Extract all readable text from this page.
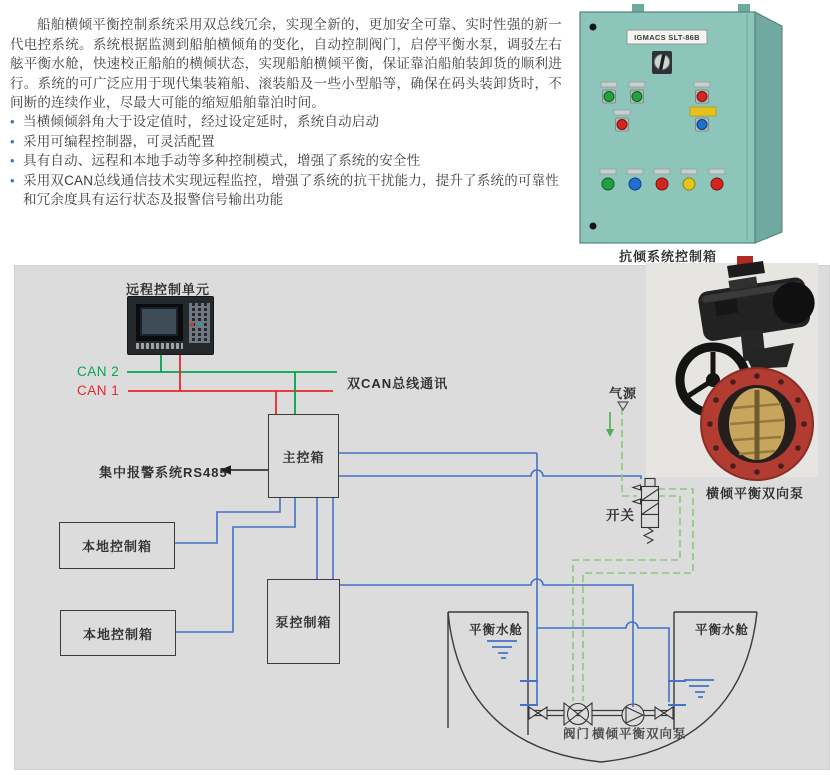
船舶横倾平衡控制系统采用双总线冗余，实现全新的，更加安全可靠、实时性强的新一代电控系统。系统根据监测到船舶横倾角的变化，自动控制阀门，启停平衡水泵，调驳左右舷平衡水舱，快速校正船舶的横倾状态，实现船舶横倾平衡，保证靠泊船舶装卸货的顺利进行。系统的可广泛应用于现代集装箱船、滚装船及一些小型船等，确保在码头装卸货时，不间断的连续作业，尽最大可能的缩短船舶靠泊时间。
• 当横倾倾斜角大于设定值时，经过设定延时，系统自动启动
• 采用可编程控制器，可灵活配置
• 具有自动、远程和本地手动等多种控制模式，增强了系统的安全性
• 采用双CAN总线通信技术实现远程监控，增强了系统的抗干扰能力，提升了系统的可靠性和冗余度具有运行状态及报警信号输出功能
IGMACS SLT-86B
主控箱
本地控制箱
本地控制箱
泵控制箱
远程控制单元
CAN 2
CAN 1	双CAN总线通讯
集中报警系统RS485
气源
开关
平衡水舱	平衡水舱
阀门 横倾平衡双向泵
抗倾系统控制箱
横倾平衡双向泵
